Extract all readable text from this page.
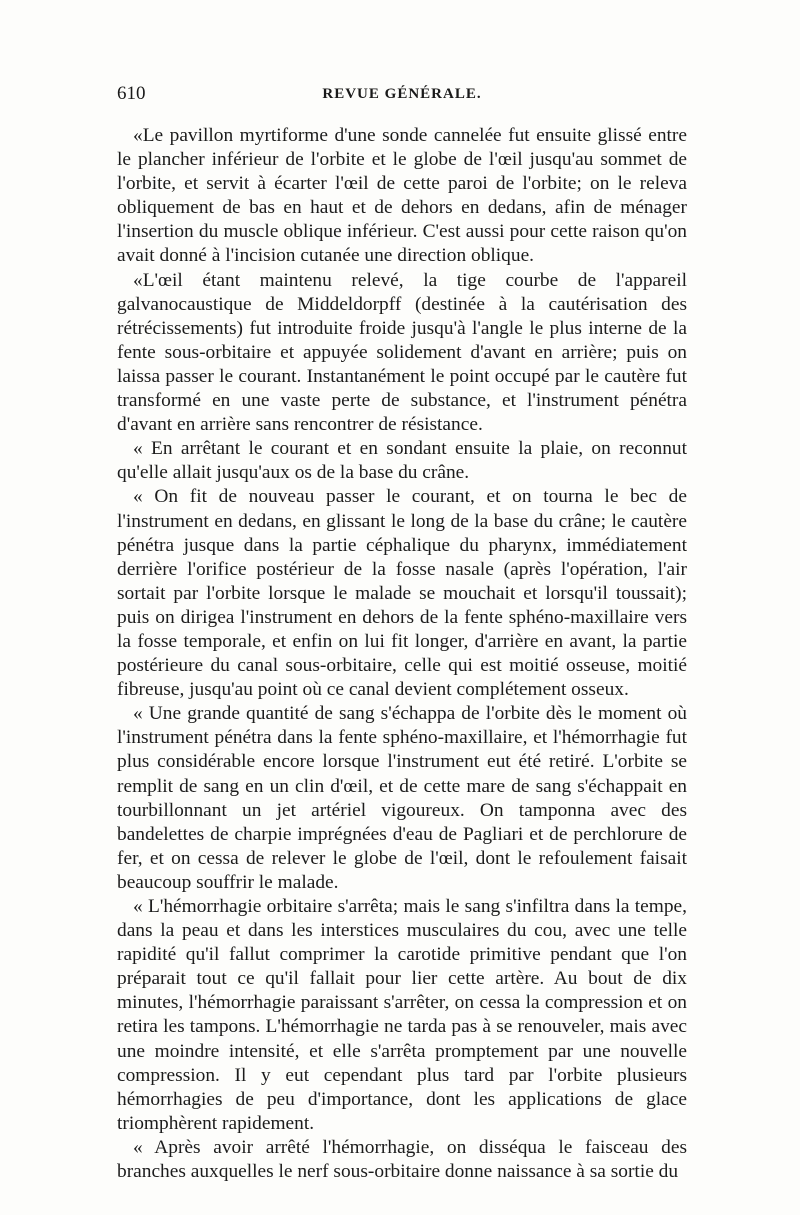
610	REVUE GÉNÉRALE.

«Le pavillon myrtiforme d'une sonde cannelée fut ensuite glissé entre le plancher inférieur de l'orbite et le globe de l'œil jusqu'au sommet de l'orbite, et servit à écarter l'œil de cette paroi de l'orbite; on le releva obliquement de bas en haut et de dehors en dedans, afin de ménager l'insertion du muscle oblique inférieur. C'est aussi pour cette raison qu'on avait donné à l'incision cutanée une direction oblique.

«L'œil étant maintenu relevé, la tige courbe de l'appareil galvanocaustique de Middeldorpff (destinée à la cautérisation des rétrécissements) fut introduite froide jusqu'à l'angle le plus interne de la fente sous-orbitaire et appuyée solidement d'avant en arrière; puis on laissa passer le courant. Instantanément le point occupé par le cautère fut transformé en une vaste perte de substance, et l'instrument pénétra d'avant en arrière sans rencontrer de résistance.

« En arrêtant le courant et en sondant ensuite la plaie, on reconnut qu'elle allait jusqu'aux os de la base du crâne.

« On fit de nouveau passer le courant, et on tourna le bec de l'instrument en dedans, en glissant le long de la base du crâne; le cautère pénétra jusque dans la partie céphalique du pharynx, immédiatement derrière l'orifice postérieur de la fosse nasale (après l'opération, l'air sortait par l'orbite lorsque le malade se mouchait et lorsqu'il toussait); puis on dirigea l'instrument en dehors de la fente sphéno-maxillaire vers la fosse temporale, et enfin on lui fit longer, d'arrière en avant, la partie postérieure du canal sous-orbitaire, celle qui est moitié osseuse, moitié fibreuse, jusqu'au point où ce canal devient complétement osseux.

« Une grande quantité de sang s'échappa de l'orbite dès le moment où l'instrument pénétra dans la fente sphéno-maxillaire, et l'hémorrhagie fut plus considérable encore lorsque l'instrument eut été retiré. L'orbite se remplit de sang en un clin d'œil, et de cette mare de sang s'échappait en tourbillonnant un jet artériel vigoureux. On tamponna avec des bandelettes de charpie imprégnées d'eau de Pagliari et de perchlorure de fer, et on cessa de relever le globe de l'œil, dont le refoulement faisait beaucoup souffrir le malade.

« L'hémorrhagie orbitaire s'arrêta; mais le sang s'infiltra dans la tempe, dans la peau et dans les interstices musculaires du cou, avec une telle rapidité qu'il fallut comprimer la carotide primitive pendant que l'on préparait tout ce qu'il fallait pour lier cette artère. Au bout de dix minutes, l'hémorrhagie paraissant s'arrêter, on cessa la compression et on retira les tampons. L'hémorrhagie ne tarda pas à se renouveler, mais avec une moindre intensité, et elle s'arrêta promptement par une nouvelle compression. Il y eut cependant plus tard par l'orbite plusieurs hémorrhagies de peu d'importance, dont les applications de glace triomphèrent rapidement.

« Après avoir arrêté l'hémorrhagie, on disséqua le faisceau des branches auxquelles le nerf sous-orbitaire donne naissance à sa sortie du
